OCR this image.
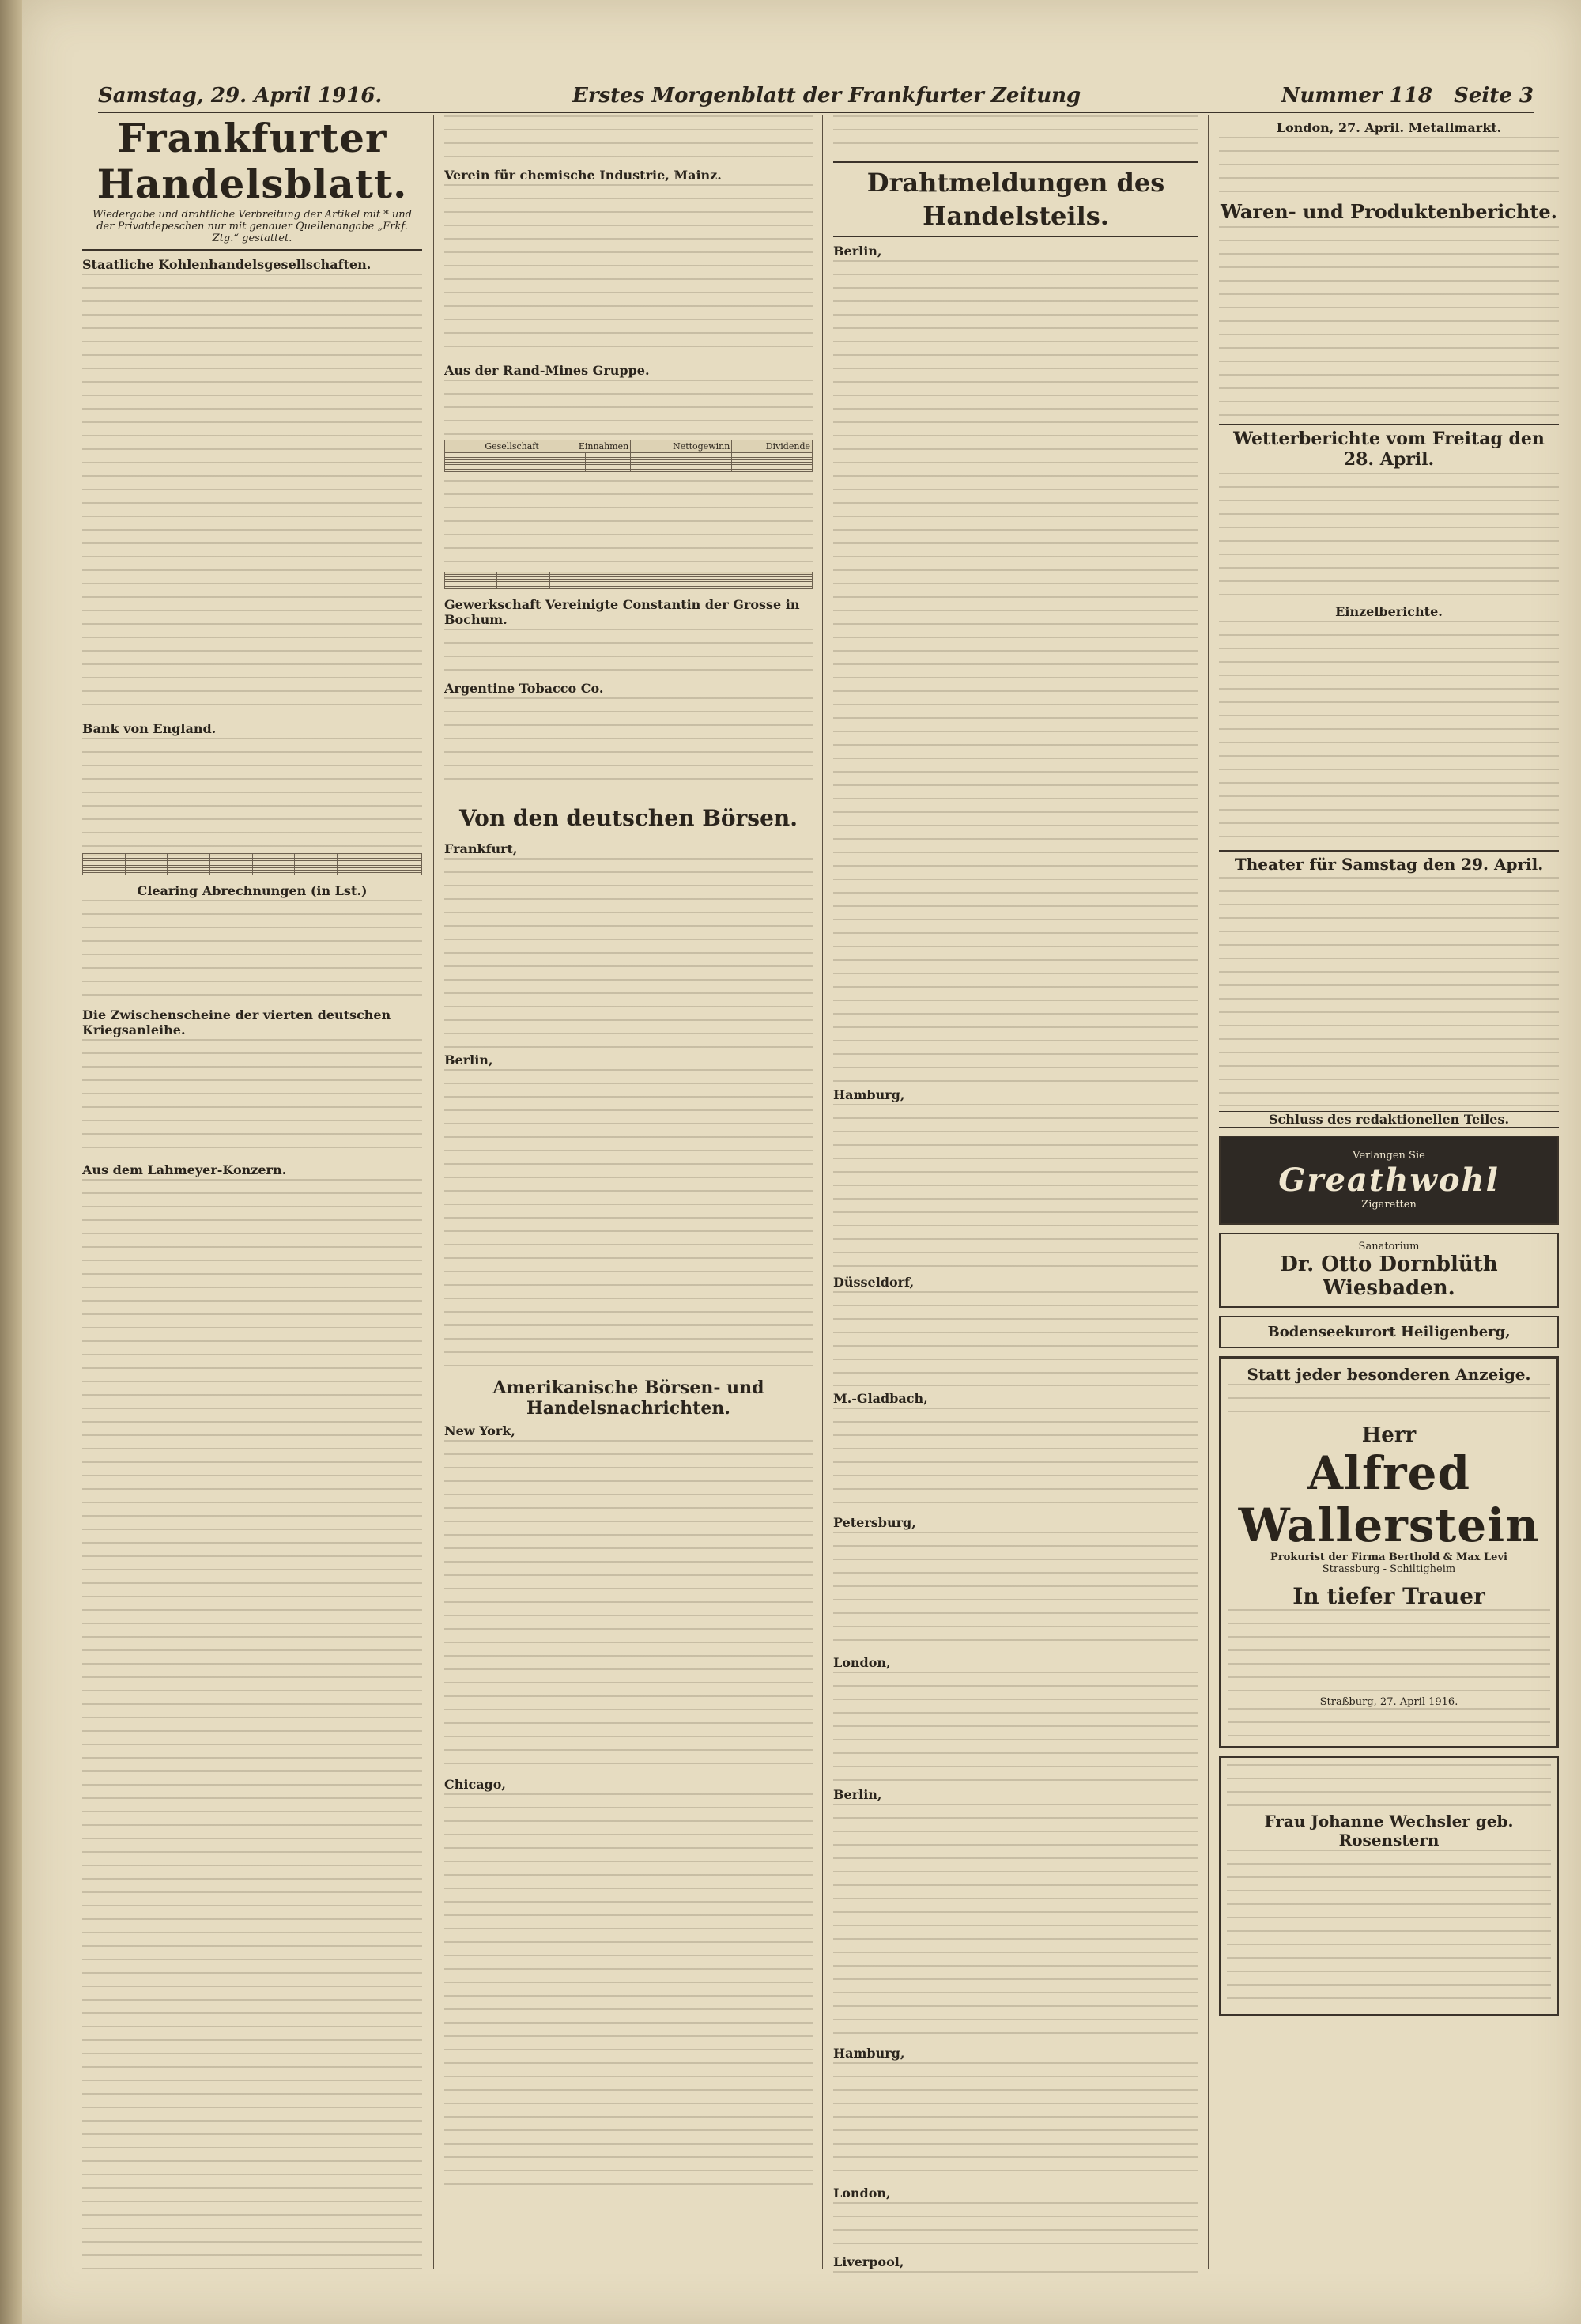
Samstag, 29. April 1916.	Erstes Morgenblatt der Frankfurter Zeitung	Nummer 118 Seite 3
Frankfurter Handelsblatt.
Wiedergabe und drahtliche Verbreitung der Artikel mit * und der Privatdepeschen nur mit genauer Quellenangabe „Frkf. Ztg.“ gestattet.
Staatliche Kohlenhandelsgesellschaften.
Bank von England.

Clearing Abrechnungen (in Lst.)
Die Zwischenscheine der vierten deutschen Kriegsanleihe.
Aus dem Lahmeyer-Konzern.
Verein für chemische Industrie, Mainz.
Aus der Rand-Mines Gruppe.
Gesellschaft	Einnahmen		Nettogewinn		Dividende	

Gewerkschaft Vereinigte Constantin der Grosse in Bochum.
Argentine Tobacco Co.
Von den deutschen Börsen.
Frankfurt,
Berlin,
Amerikanische Börsen- und Handelsnachrichten.
New York,
Chicago,
Drahtmeldungen des Handelsteils.
Berlin,
Hamburg,
Düsseldorf,
M.-Gladbach,
Petersburg,
London,
Berlin,
Hamburg,
London,
Liverpool,
London, 27. April. Metallmarkt.
Waren- und Produktenberichte.
Wetterberichte vom Freitag den 28. April.
Einzelberichte.
Theater für Samstag den 29. April.
Schluss des redaktionellen Teiles.
Verlangen Sie
Greathwohl
Zigaretten
Sanatorium
Dr. Otto Dornblüth Wiesbaden.
Bodenseekurort Heiligenberg,
Statt jeder besonderen Anzeige.
Herr
Alfred Wallerstein
Prokurist der Firma Berthold & Max Levi
Strassburg - Schiltigheim
In tiefer Trauer
Straßburg, 27. April 1916.
Frau Johanne Wechsler geb. Rosenstern
